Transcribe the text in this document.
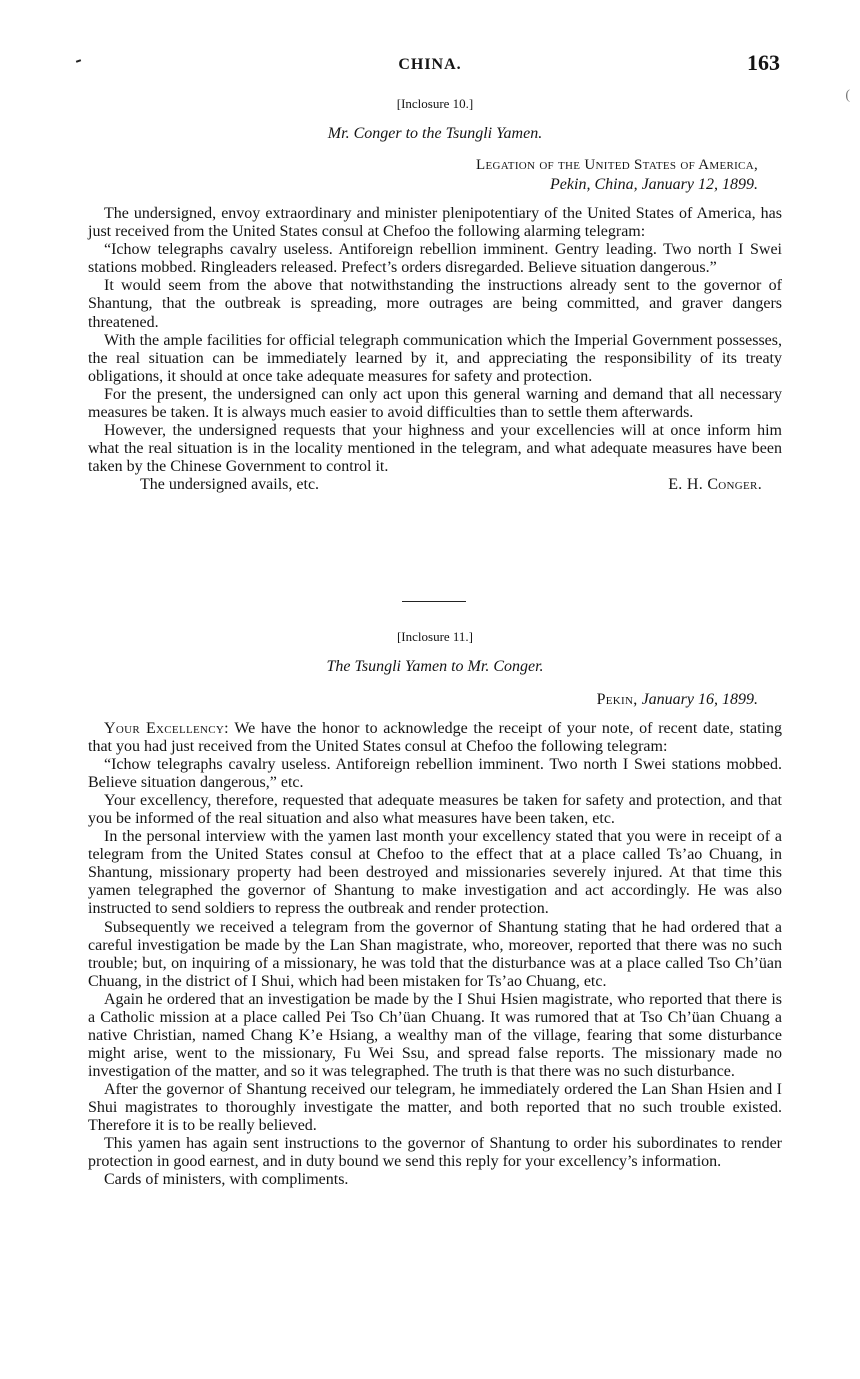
CHINA.	163
(

[Inclosure 10.]

Mr. Conger to the Tsungli Yamen.

Legation of the United States of America,

Pekin, China, January 12, 1899.

The undersigned, envoy extraordinary and minister plenipotentiary of the United States of America, has just received from the United States consul at Chefoo the following alarming telegram:

“Ichow telegraphs cavalry useless. Antiforeign rebellion imminent. Gentry leading. Two north I Swei stations mobbed. Ringleaders released. Prefect’s orders disregarded. Believe situation dangerous.”

It would seem from the above that notwithstanding the instructions already sent to the governor of Shantung, that the outbreak is spreading, more outrages are being committed, and graver dangers threatened.

With the ample facilities for official telegraph communication which the Imperial Government possesses, the real situation can be immediately learned by it, and appreciating the responsibility of its treaty obligations, it should at once take adequate measures for safety and protection.

For the present, the undersigned can only act upon this general warning and demand that all necessary measures be taken. It is always much easier to avoid difficulties than to settle them afterwards.

However, the undersigned requests that your highness and your excellencies will at once inform him what the real situation is in the locality mentioned in the telegram, and what adequate measures have been taken by the Chinese Government to control it.

The undersigned avails, etc.	E. H. Conger.

[Inclosure 11.]

The Tsungli Yamen to Mr. Conger.

Pekin, January 16, 1899.

Your Excellency: We have the honor to acknowledge the receipt of your note, of recent date, stating that you had just received from the United States consul at Chefoo the following telegram:

“Ichow telegraphs cavalry useless. Antiforeign rebellion imminent. Two north I Swei stations mobbed. Believe situation dangerous,” etc.

Your excellency, therefore, requested that adequate measures be taken for safety and protection, and that you be informed of the real situation and also what measures have been taken, etc.

In the personal interview with the yamen last month your excellency stated that you were in receipt of a telegram from the United States consul at Chefoo to the effect that at a place called Ts’ao Chuang, in Shantung, missionary property had been destroyed and missionaries severely injured. At that time this yamen telegraphed the governor of Shantung to make investigation and act accordingly. He was also instructed to send soldiers to repress the outbreak and render protection.

Subsequently we received a telegram from the governor of Shantung stating that he had ordered that a careful investigation be made by the Lan Shan magistrate, who, moreover, reported that there was no such trouble; but, on inquiring of a missionary, he was told that the disturbance was at a place called Tso Ch’üan Chuang, in the district of I Shui, which had been mistaken for Ts’ao Chuang, etc.

Again he ordered that an investigation be made by the I Shui Hsien magistrate, who reported that there is a Catholic mission at a place called Pei Tso Ch’üan Chuang. It was rumored that at Tso Ch’üan Chuang a native Christian, named Chang K’e Hsiang, a wealthy man of the village, fearing that some disturbance might arise, went to the missionary, Fu Wei Ssu, and spread false reports. The missionary made no investigation of the matter, and so it was telegraphed. The truth is that there was no such disturbance.

After the governor of Shantung received our telegram, he immediately ordered the Lan Shan Hsien and I Shui magistrates to thoroughly investigate the matter, and both reported that no such trouble existed. Therefore it is to be really believed.

This yamen has again sent instructions to the governor of Shantung to order his subordinates to render protection in good earnest, and in duty bound we send this reply for your excellency’s information.

Cards of ministers, with compliments.
